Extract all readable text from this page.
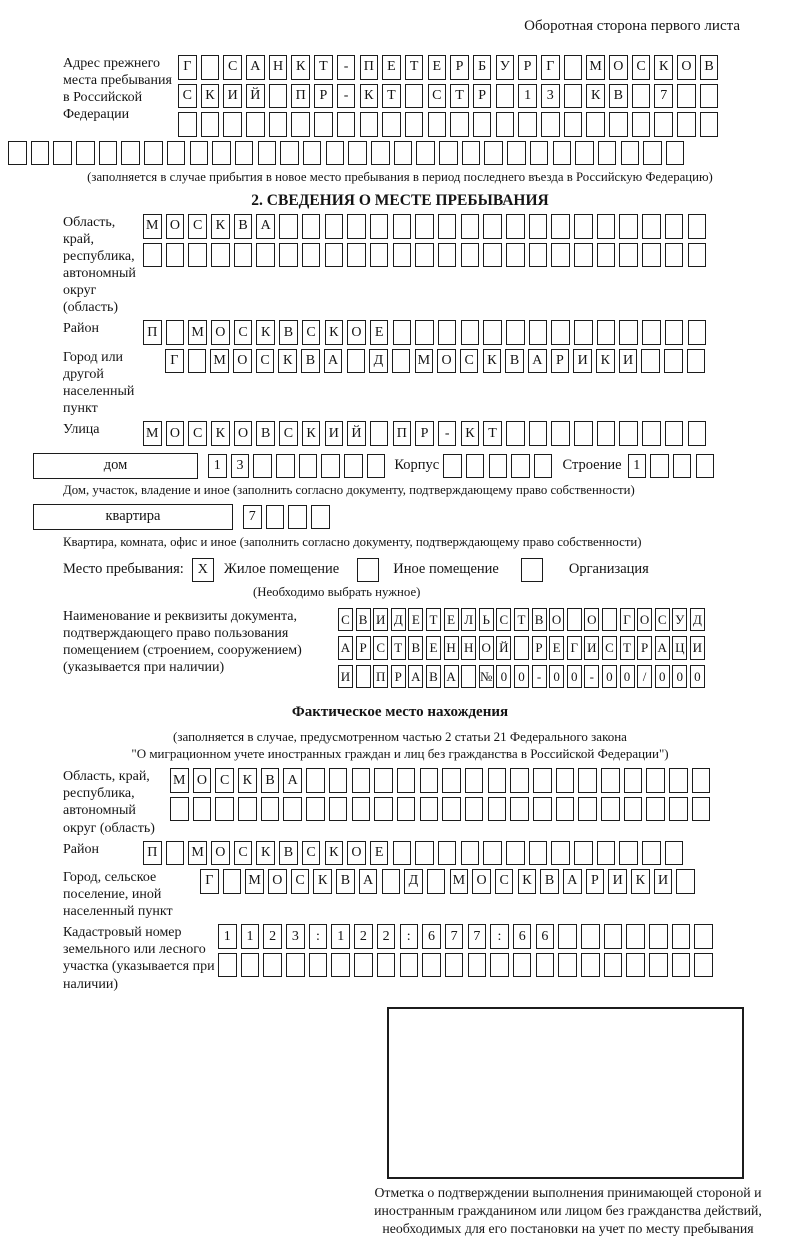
Оборотная сторона первого листа
Адрес прежнего места пребывания в Российской Федерации
Г	С А Н К Т	-	П Е	Т	Е	Р	Б У Р	Г	М О С К О В
С К И Й	П Р	-	К Т	С Т	Р	1	3	К В	7
(заполняется в случае прибытия в новое место пребывания в период последнего въезда в Российскую Федерацию)
2. СВЕДЕНИЯ О МЕСТЕ ПРЕБЫВАНИЯ
Область, край, республика, автономный округ (область)
М О С К В А
Район	П М О С К В С К О Е
Город или другой населенный пункт
Г	М О С К В А	Д	М О С К В А Р И К И
Улица	М О С К О В С К И Й	П Р	-	К Т
дом	1	3	Корпус	Строение 1
Дом, участок, владение и иное (заполнить согласно документу, подтверждающему право собственности)
квартира	7
Квартира, комната, офис и иное (заполнить согласно документу, подтверждающему право собственности)
Место пребывания: X	Жилое помещение	Иное помещение	Организация
(Необходимо выбрать нужное)
Наименование и реквизиты документа, подтверждающего право пользования помещением (строением, сооружением) (указывается при наличии)
С В И Д Е Т Е Л Ь С Т В О О Г О С У Д
А Р С Т В Е Н Н О Й Р Е Г И С Т Р А Ц И
И П Р А В А № 0 0 - 0 0 - 0 0 / 0 0 0
Фактическое место нахождения
(заполняется в случае, предусмотренном частью 2 статьи 21 Федерального закона
"О миграционном учете иностранных граждан и лиц без гражданства в Российской Федерации")
Область, край, республика, автономный округ (область)
М О С К В А
Район	П М О С К В С К О Е
Город, сельское поселение, иной населенный пункт
Г	М О С К В А	Д	М О С К В А Р И К И
Кадастровый номер земельного или лесного участка (указывается при наличии)
1	1	2	3	:	1	2	2	:	6	7	7	:	6	6
Отметка о подтверждении выполнения принимающей стороной и иностранным гражданином или лицом без гражданства действий, необходимых для его постановки на учет по месту пребывания
